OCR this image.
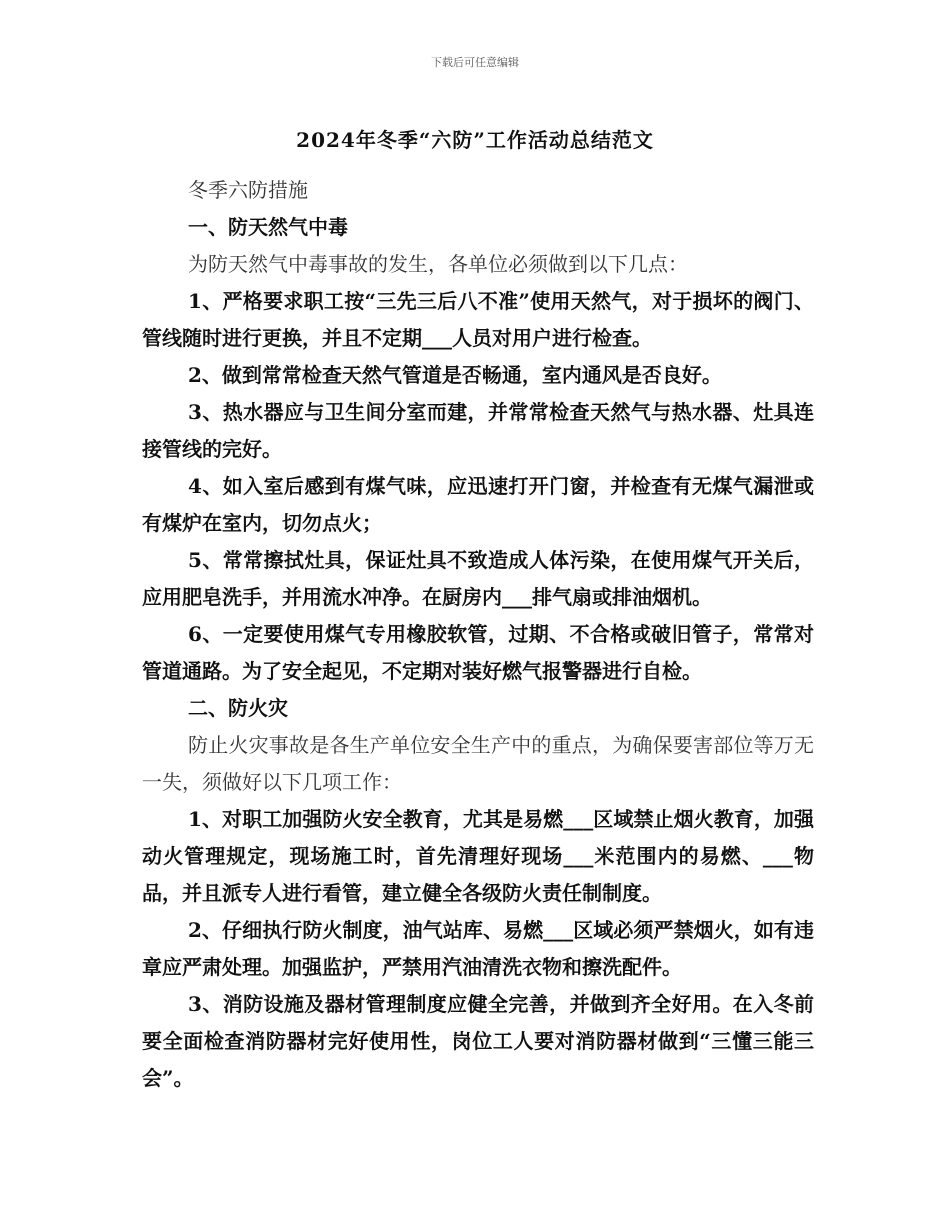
下载后可任意编辑
2024年冬季“六防”工作活动总结范文

冬季六防措施

一、防天然气中毒

为防天然气中毒事故的发生，各单位必须做到以下几点：

1、严格要求职工按“三先三后八不准”使用天然气，对于损坏的阀门、管线随时进行更换，并且不定期___人员对用户进行检查。

2、做到常常检查天然气管道是否畅通，室内通风是否良好。

3、热水器应与卫生间分室而建，并常常检查天然气与热水器、灶具连接管线的完好。

4、如入室后感到有煤气味，应迅速打开门窗，并检查有无煤气漏泄或有煤炉在室内，切勿点火；

5、常常擦拭灶具，保证灶具不致造成人体污染，在使用煤气开关后，应用肥皂洗手，并用流水冲净。在厨房内___排气扇或排油烟机。

6、一定要使用煤气专用橡胶软管，过期、不合格或破旧管子，常常对管道通路。为了安全起见，不定期对装好燃气报警器进行自检。

二、防火灾

防止火灾事故是各生产单位安全生产中的重点，为确保要害部位等万无一失，须做好以下几项工作：

1、对职工加强防火安全教育，尤其是易燃___区域禁止烟火教育，加强动火管理规定，现场施工时，首先清理好现场___米范围内的易燃、___物品，并且派专人进行看管，建立健全各级防火责任制制度。

2、仔细执行防火制度，油气站库、易燃___区域必须严禁烟火，如有违章应严肃处理。加强监护，严禁用汽油清洗衣物和擦洗配件。

3、消防设施及器材管理制度应健全完善，并做到齐全好用。在入冬前要全面检查消防器材完好使用性，岗位工人要对消防器材做到“三懂三能三会”。
